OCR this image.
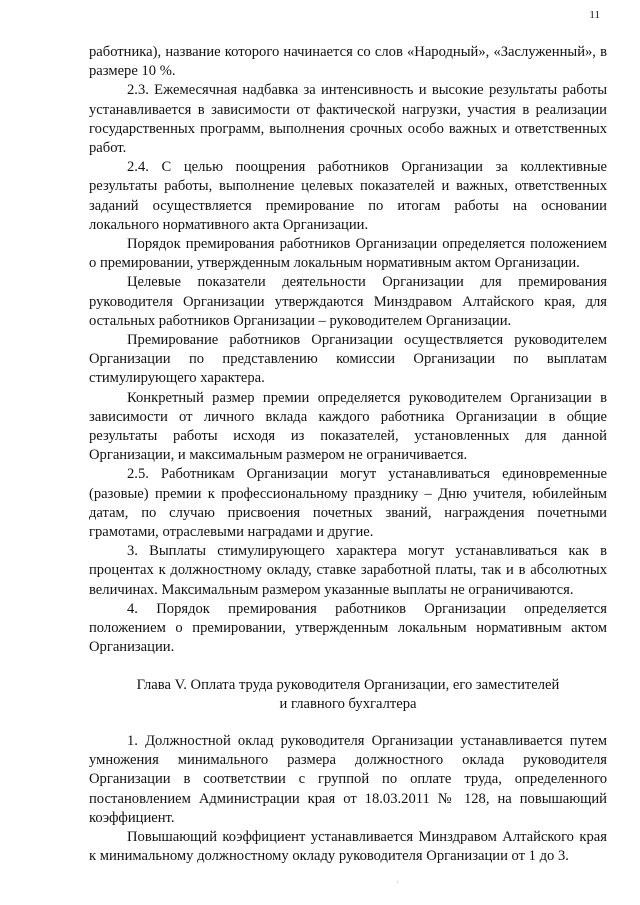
11

работника), название которого начинается со слов «Народный», «Заслуженный», в размере 10 %.

2.3. Ежемесячная надбавка за интенсивность и высокие результаты работы устанавливается в зависимости от фактической нагрузки, участия в реализации государственных программ, выполнения срочных особо важных и ответственных работ.

2.4. С целью поощрения работников Организации за коллективные результаты работы, выполнение целевых показателей и важных, ответственных заданий осуществляется премирование по итогам работы на основании локального нормативного акта Организации.

Порядок премирования работников Организации определяется положением о премировании, утвержденным локальным нормативным актом Организации.

Целевые показатели деятельности Организации для премирования руководителя Организации утверждаются Минздравом Алтайского края, для остальных работников Организации – руководителем Организации.

Премирование работников Организации осуществляется руководителем Организации по представлению комиссии Организации по выплатам стимулирующего характера.

Конкретный размер премии определяется руководителем Организации в зависимости от личного вклада каждого работника Организации в общие результаты работы исходя из показателей, установленных для данной Организации, и максимальным размером не ограничивается.

2.5. Работникам Организации могут устанавливаться единовременные (разовые) премии к профессиональному празднику – Дню учителя, юбилейным датам, по случаю присвоения почетных званий, награждения почетными грамотами, отраслевыми наградами и другие.

3. Выплаты стимулирующего характера могут устанавливаться как в процентах к должностному окладу, ставке заработной платы, так и в абсолютных величинах. Максимальным размером указанные выплаты не ограничиваются.

4. Порядок премирования работников Организации определяется положением о премировании, утвержденным локальным нормативным актом Организации.

Глава V. Оплата труда руководителя Организации, его заместителей
и главного бухгалтера

1. Должностной оклад руководителя Организации устанавливается путем умножения минимального размера должностного оклада руководителя Организации в соответствии с группой по оплате труда, определенного постановлением Администрации края от 18.03.2011 № 128, на повышающий коэффициент.

Повышающий коэффициент устанавливается Минздравом Алтайского края к минимальному должностному окладу руководителя Организации от 1 до 3.

·
